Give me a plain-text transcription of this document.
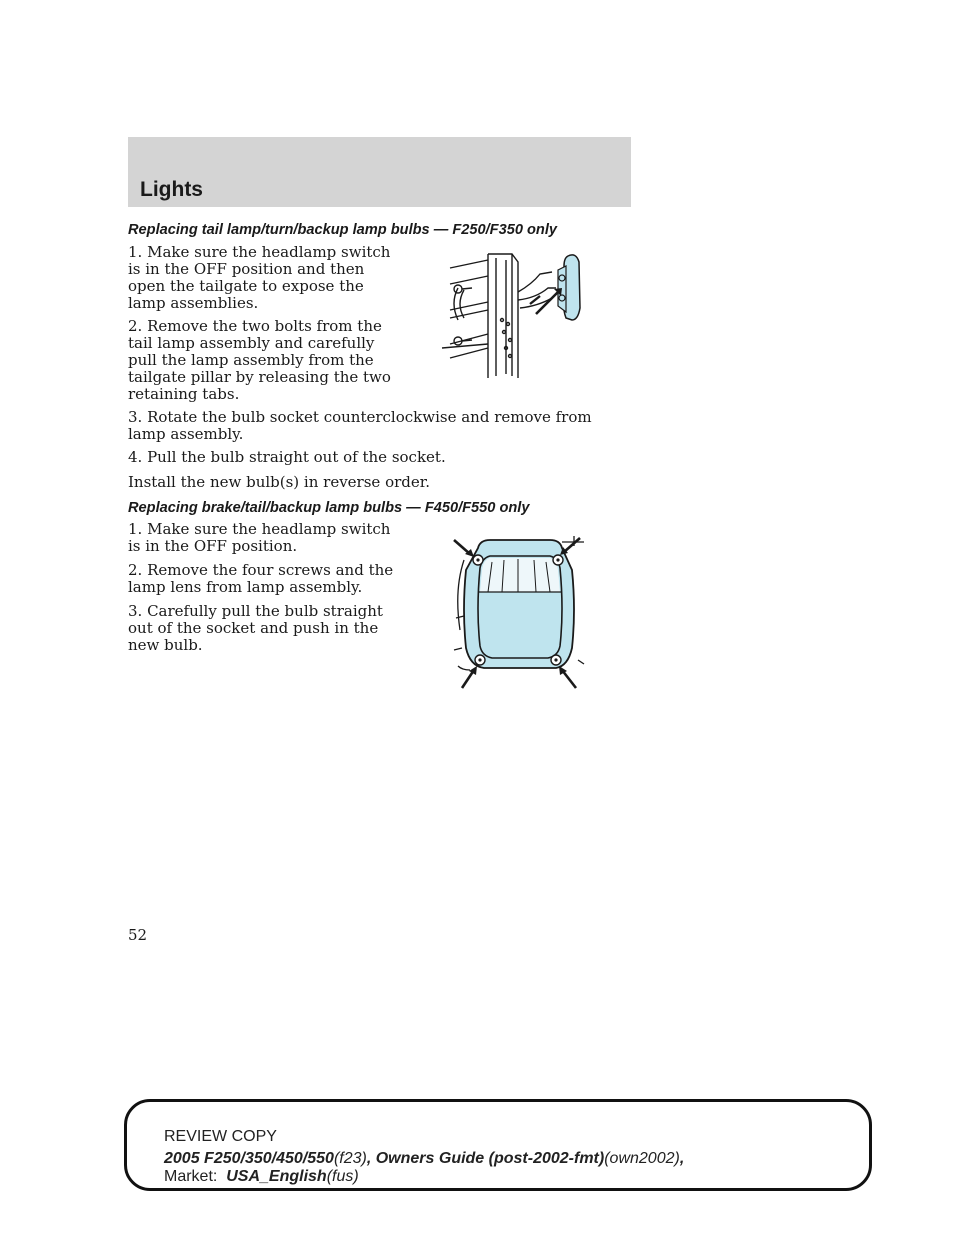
Lights
Replacing tail lamp/turn/backup lamp bulbs — F250/F350 only

1. Make sure the headlamp switch is in the OFF position and then open the tailgate to expose the lamp assemblies.

2. Remove the two bolts from the tail lamp assembly and carefully pull the lamp assembly from the tailgate pillar by releasing the two retaining tabs.

3. Rotate the bulb socket counterclockwise and remove from lamp assembly.

4. Pull the bulb straight out of the socket.

Install the new bulb(s) in reverse order.

Replacing brake/tail/backup lamp bulbs — F450/F550 only

1. Make sure the headlamp switch is in the OFF position.

2. Remove the four screws and the lamp lens from lamp assembly.

3. Carefully pull the bulb straight out of the socket and push in the new bulb.

52
REVIEW COPY
2005 F250/350/450/550(f23), Owners Guide (post-2002-fmt)(own2002),
Market: USA_English(fus)
